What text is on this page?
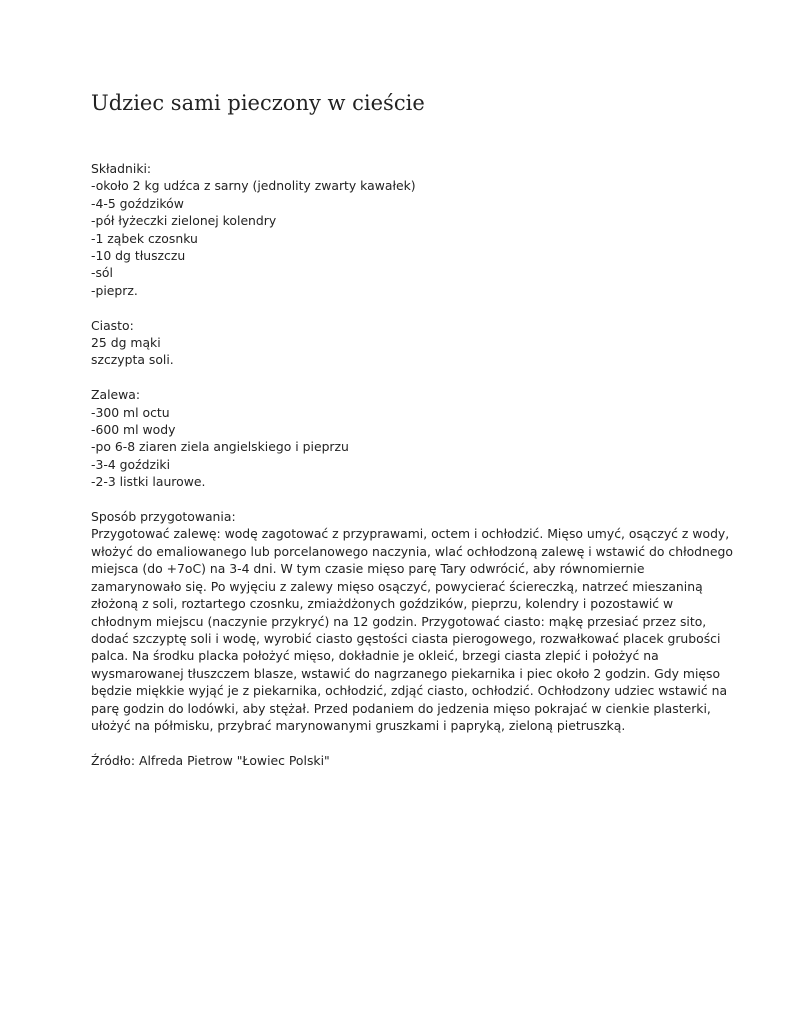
Udziec sami pieczony w cieście
Składniki:
-około 2 kg udźca z sarny (jednolity zwarty kawałek)
-4-5 goździków
-pół łyżeczki zielonej kolendry
-1 ząbek czosnku
-10 dg tłuszczu
-sól
-pieprz.
Ciasto:
25 dg mąki
szczypta soli.
Zalewa:
-300 ml octu
-600 ml wody
-po 6-8 ziaren ziela angielskiego i pieprzu
-3-4 goździki
-2-3 listki laurowe.
Sposób przygotowania:
Przygotować zalewę: wodę zagotować z przyprawami, octem i ochłodzić. Mięso umyć, osączyć z wody,
włożyć do emaliowanego lub porcelanowego naczynia, wlać ochłodzoną zalewę i wstawić do chłodnego
miejsca (do +7oC) na 3-4 dni. W tym czasie mięso parę Tary odwrócić, aby równomiernie
zamarynowało się. Po wyjęciu z zalewy mięso osączyć, powycierać ściereczką, natrzeć mieszaniną
złożoną z soli, roztartego czosnku, zmiażdżonych goździków, pieprzu, kolendry i pozostawić w
chłodnym miejscu (naczynie przykryć) na 12 godzin. Przygotować ciasto: mąkę przesiać przez sito,
dodać szczyptę soli i wodę, wyrobić ciasto gęstości ciasta pierogowego, rozwałkować placek grubości
palca. Na środku placka położyć mięso, dokładnie je okleić, brzegi ciasta zlepić i położyć na
wysmarowanej tłuszczem blasze, wstawić do nagrzanego piekarnika i piec około 2 godzin. Gdy mięso
będzie miękkie wyjąć je z piekarnika, ochłodzić, zdjąć ciasto, ochłodzić. Ochłodzony udziec wstawić na
parę godzin do lodówki, aby stężał. Przed podaniem do jedzenia mięso pokrajać w cienkie plasterki,
ułożyć na półmisku, przybrać marynowanymi gruszkami i papryką, zieloną pietruszką.
Źródło: Alfreda Pietrow "Łowiec Polski"
